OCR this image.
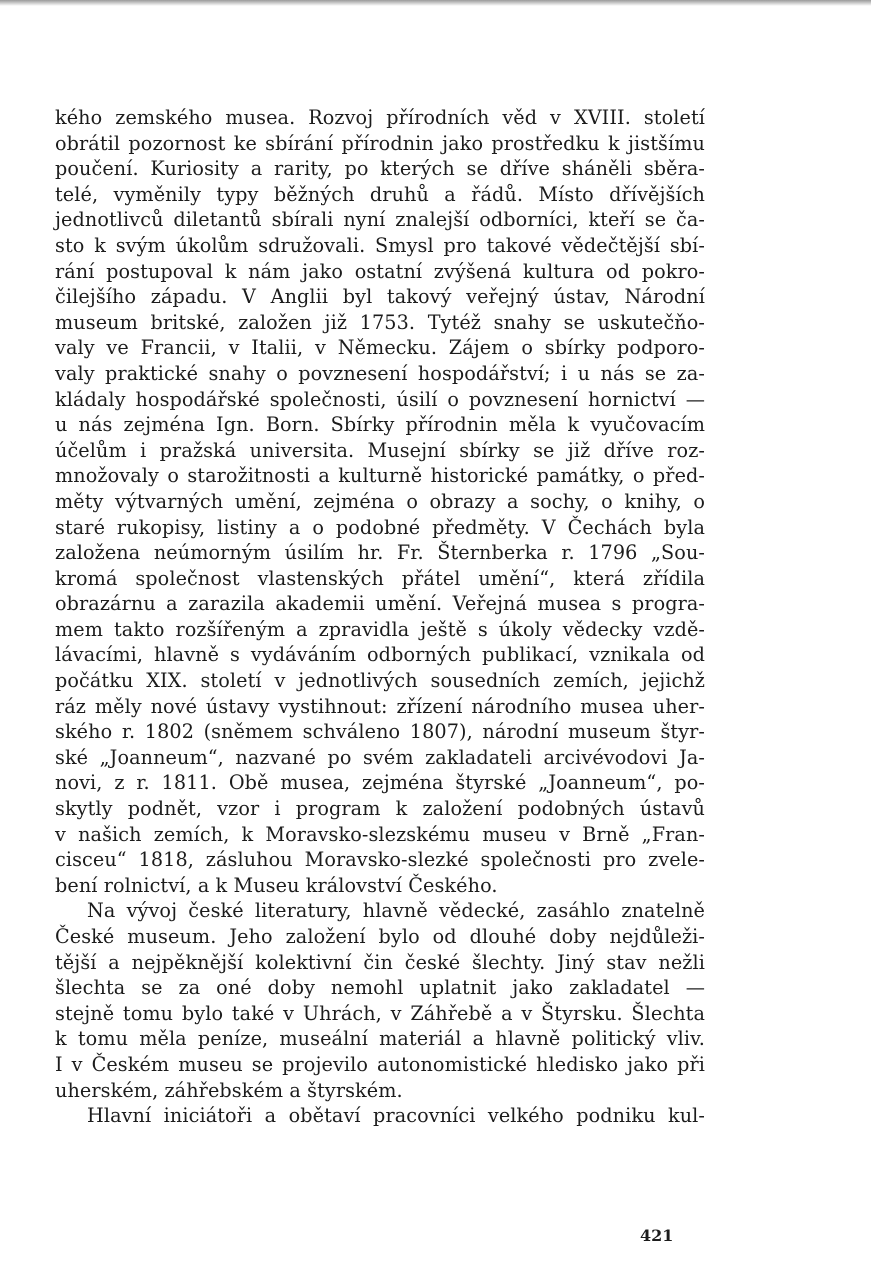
kého zemského musea. Rozvoj přírodních věd v XVIII. století
obrátil pozornost ke sbírání přírodnin jako prostředku k jistšímu
poučení. Kuriosity a rarity, po kterých se dříve sháněli sběra-
telé, vyměnily typy běžných druhů a řádů. Místo dřívějších
jednotlivců diletantů sbírali nyní znalejší odborníci, kteří se ča-
sto k svým úkolům sdružovali. Smysl pro takové vědečtější sbí-
rání postupoval k nám jako ostatní zvýšená kultura od pokro-
čilejšího západu. V Anglii byl takový veřejný ústav, Národní
museum britské, založen již 1753. Tytéž snahy se uskutečňo-
valy ve Francii, v Italii, v Německu. Zájem o sbírky podporo-
valy praktické snahy o povznesení hospodářství; i u nás se za-
kládaly hospodářské společnosti, úsilí o povznesení hornictví —
u nás zejména Ign. Born. Sbírky přírodnin měla k vyučovacím
účelům i pražská universita. Musejní sbírky se již dříve roz-
množovaly o starožitnosti a kulturně historické památky, o před-
měty výtvarných umění, zejména o obrazy a sochy, o knihy, o
staré rukopisy, listiny a o podobné předměty. V Čechách byla
založena neúmorným úsilím hr. Fr. Šternberka r. 1796 „Sou-
kromá společnost vlastenských přátel umění“, která zřídila
obrazárnu a zarazila akademii umění. Veřejná musea s progra-
mem takto rozšířeným a zpravidla ještě s úkoly vědecky vzdě-
lávacími, hlavně s vydáváním odborných publikací, vznikala od
počátku XIX. století v jednotlivých sousedních zemích, jejichž
ráz měly nové ústavy vystihnout: zřízení národního musea uher-
ského r. 1802 (sněmem schváleno 1807), národní museum štyr-
ské „Joanneum“, nazvané po svém zakladateli arcivévodovi Ja-
novi, z r. 1811. Obě musea, zejména štyrské „Joanneum“, po-
skytly podnět, vzor i program k založení podobných ústavů
v našich zemích, k Moravsko-slezskému museu v Brně „Fran-
cisceu“ 1818, zásluhou Moravsko-slezké společnosti pro zvele-
bení rolnictví, a k Museu království Českého.
Na vývoj české literatury, hlavně vědecké, zasáhlo znatelně
České museum. Jeho založení bylo od dlouhé doby nejdůleži-
tější a nejpěknější kolektivní čin české šlechty. Jiný stav nežli
šlechta se za oné doby nemohl uplatnit jako zakladatel —
stejně tomu bylo také v Uhrách, v Záhřebě a v Štyrsku. Šlechta
k tomu měla peníze, museální materiál a hlavně politický vliv.
I v Českém museu se projevilo autonomistické hledisko jako při
uherském, záhřebském a štyrském.
Hlavní iniciátoři a obětaví pracovníci velkého podniku kul-
421
